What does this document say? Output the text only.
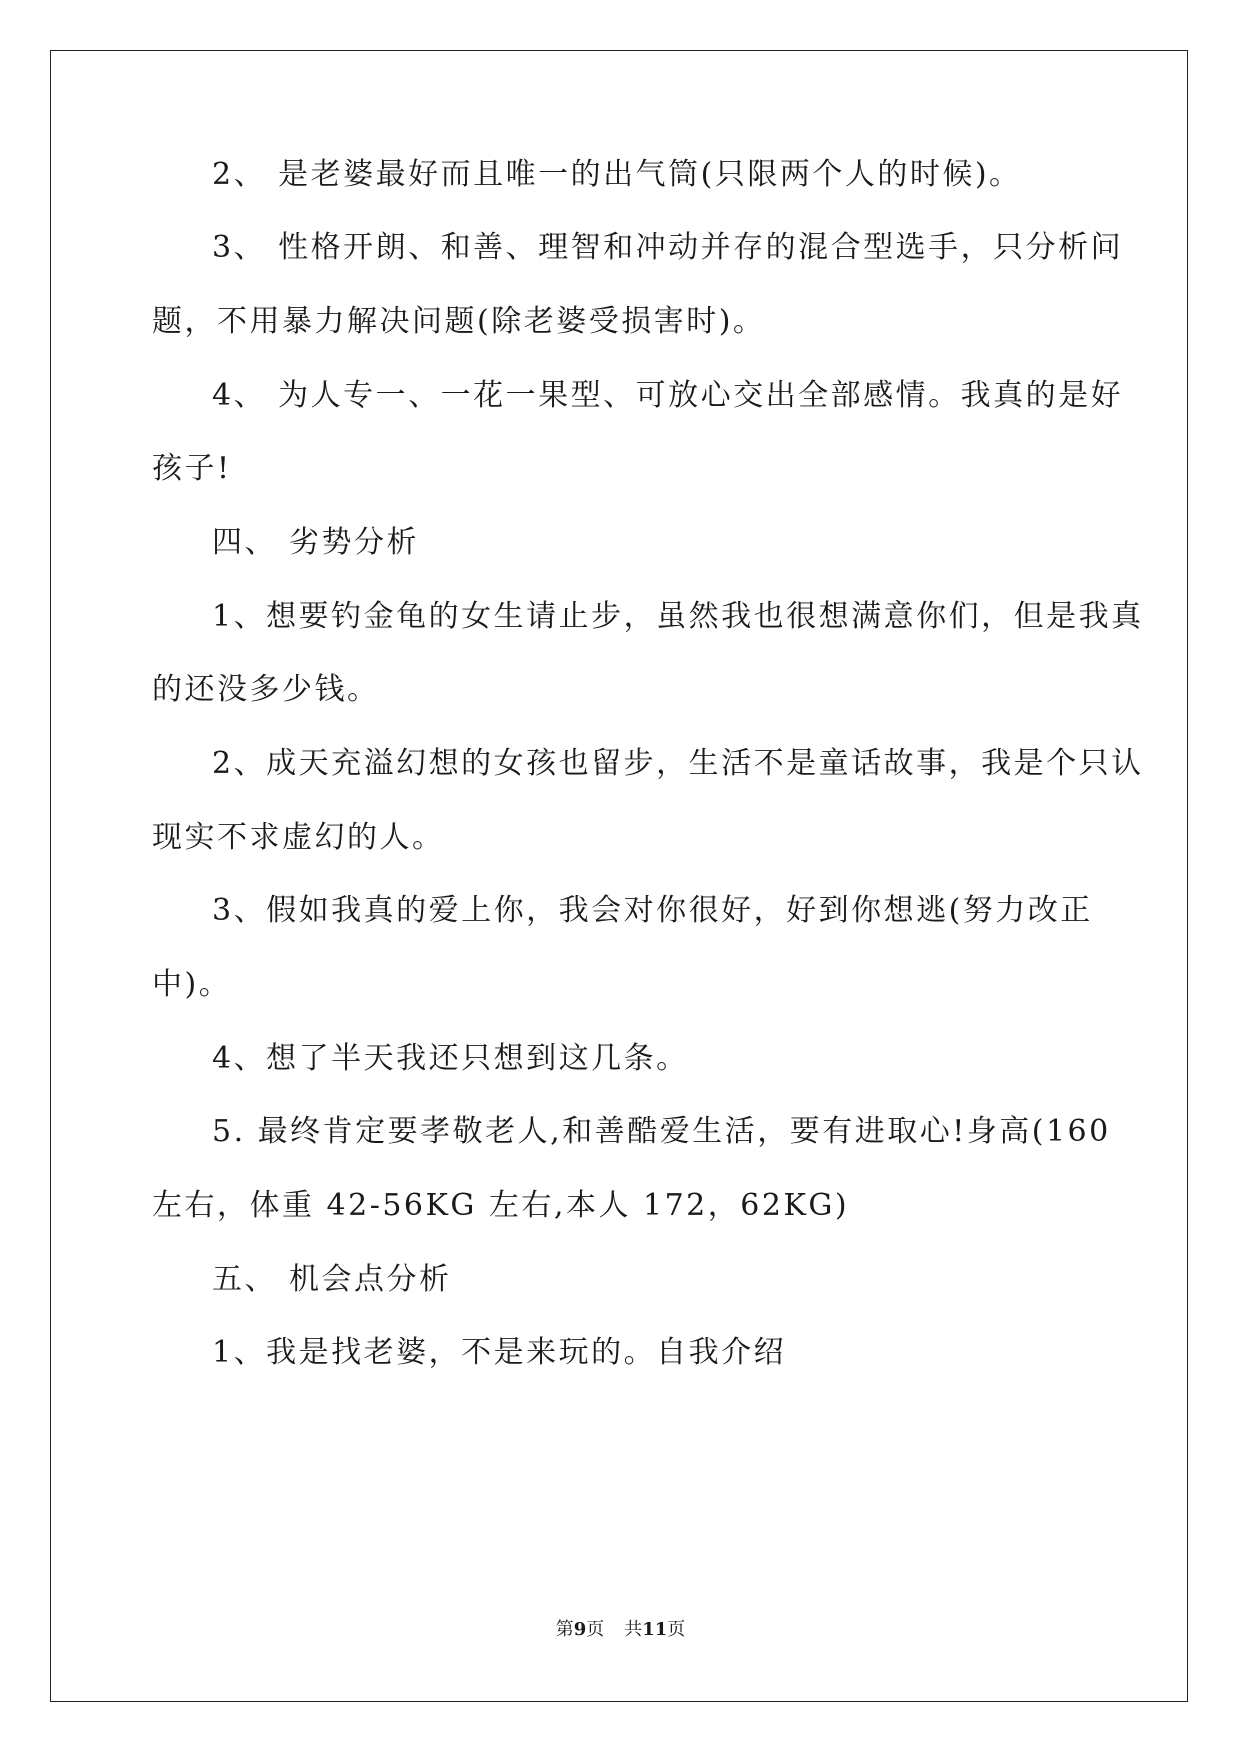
2、 是老婆最好而且唯一的出气筒(只限两个人的时候)。
3、 性格开朗、和善、理智和冲动并存的混合型选手，只分析问
题，不用暴力解决问题(除老婆受损害时)。
4、 为人专一、一花一果型、可放心交出全部感情。我真的是好
孩子!
四、 劣势分析
1、想要钓金龟的女生请止步，虽然我也很想满意你们，但是我真
的还没多少钱。
2、成天充溢幻想的女孩也留步，生活不是童话故事，我是个只认
现实不求虚幻的人。
3、假如我真的爱上你，我会对你很好，好到你想逃(努力改正
中)。
4、想了半天我还只想到这几条。
5. 最终肯定要孝敬老人,和善酷爱生活，要有进取心!身高(160
左右，体重 42-56KG 左右,本人 172，62KG)
五、 机会点分析
1、我是找老婆，不是来玩的。自我介绍
第9页 共11页
